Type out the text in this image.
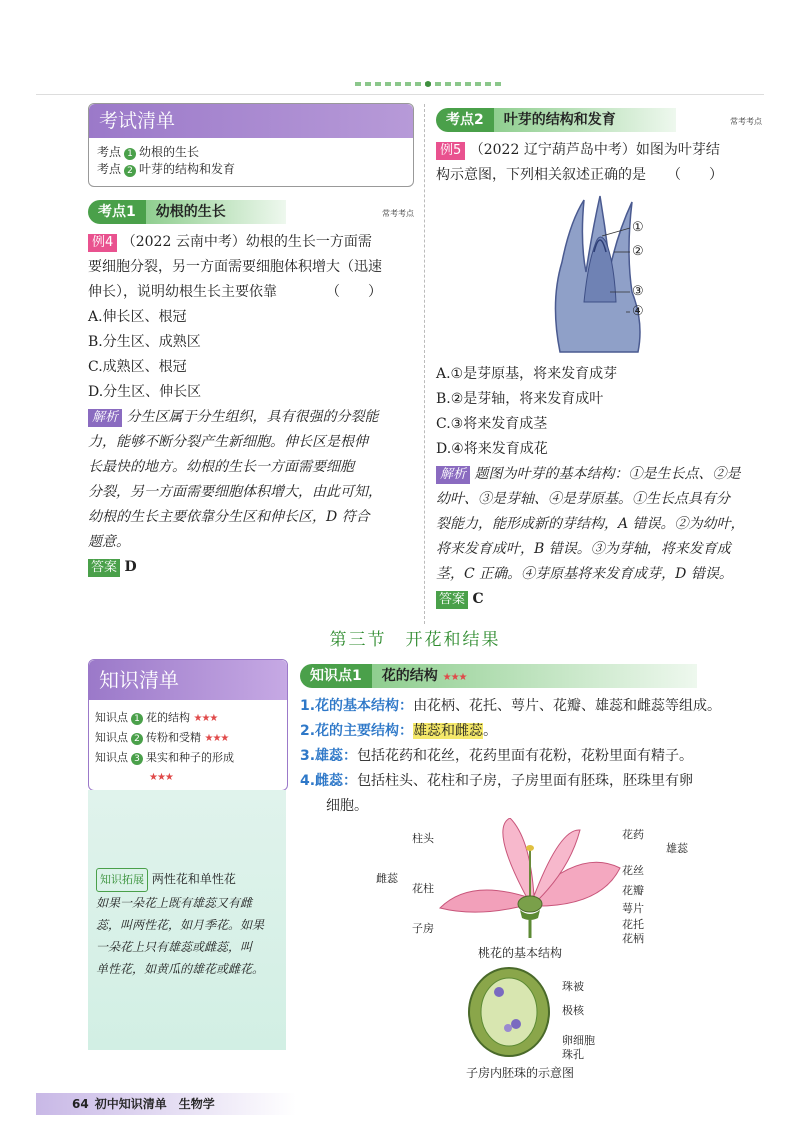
考试清单
考点 1 幼根的生长
考点 2 叶芽的结构和发育
考点1 幼根的生长	常考考点
例4 （2022 云南中考）幼根的生长一方面需
要细胞分裂，另一方面需要细胞体积增大（迅速
伸长），说明幼根生长主要依靠　　　　（　　）
A.伸长区、根冠
B.分生区、成熟区
C.成熟区、根冠
D.分生区、伸长区
解析 分生区属于分生组织，具有很强的分裂能
力，能够不断分裂产生新细胞。伸长区是根伸
长最快的地方。幼根的生长一方面需要细胞
分裂，另一方面需要细胞体积增大，由此可知，
幼根的生长主要依靠分生区和伸长区，D 符合
题意。
答案 D
考点2 叶芽的结构和发育	常考考点
例5 （2022 辽宁葫芦岛中考）如图为叶芽结
构示意图，下列相关叙述正确的是　　（　　）
①
②
③
④
A.①是芽原基，将来发育成芽
B.②是芽轴，将来发育成叶
C.③将来发育成茎
D.④将来发育成花
解析 题图为叶芽的基本结构：①是生长点、②是
幼叶、③是芽轴、④是芽原基。①生长点具有分
裂能力，能形成新的芽结构，A 错误。②为幼叶，
将来发育成叶，B 错误。③为芽轴，将来发育成
茎，C 正确。④芽原基将来发育成芽，D 错误。
答案 C
第三节　开花和结果
知识清单
知识点 1 花的结构 ★★★
知识点 2 传粉和受精 ★★★
知识点 3 果实和种子的形成
★★★
知识拓展 两性花和单性花
如果一朵花上既有雄蕊又有雌
蕊，叫两性花，如月季花。如果
一朵花上只有雄蕊或雌蕊，叫
单性花，如黄瓜的雄花或雌花。
知识点1 花的结构 ★★★
1.花的基本结构：由花柄、花托、萼片、花瓣、雄蕊和雌蕊等组成。
2.花的主要结构：雄蕊和雌蕊。
3.雄蕊：包括花药和花丝，花药里面有花粉，花粉里面有精子。
4.雌蕊：包括柱头、花柱和子房，子房里面有胚珠，胚珠里有卵
细胞。
柱头
雌蕊
花柱
子房
花药
雄蕊
花丝
花瓣
萼片
花托
花柄
桃花的基本结构
珠被
极核
卵细胞
珠孔
子房内胚珠的示意图
64 初中知识清单　生物学
